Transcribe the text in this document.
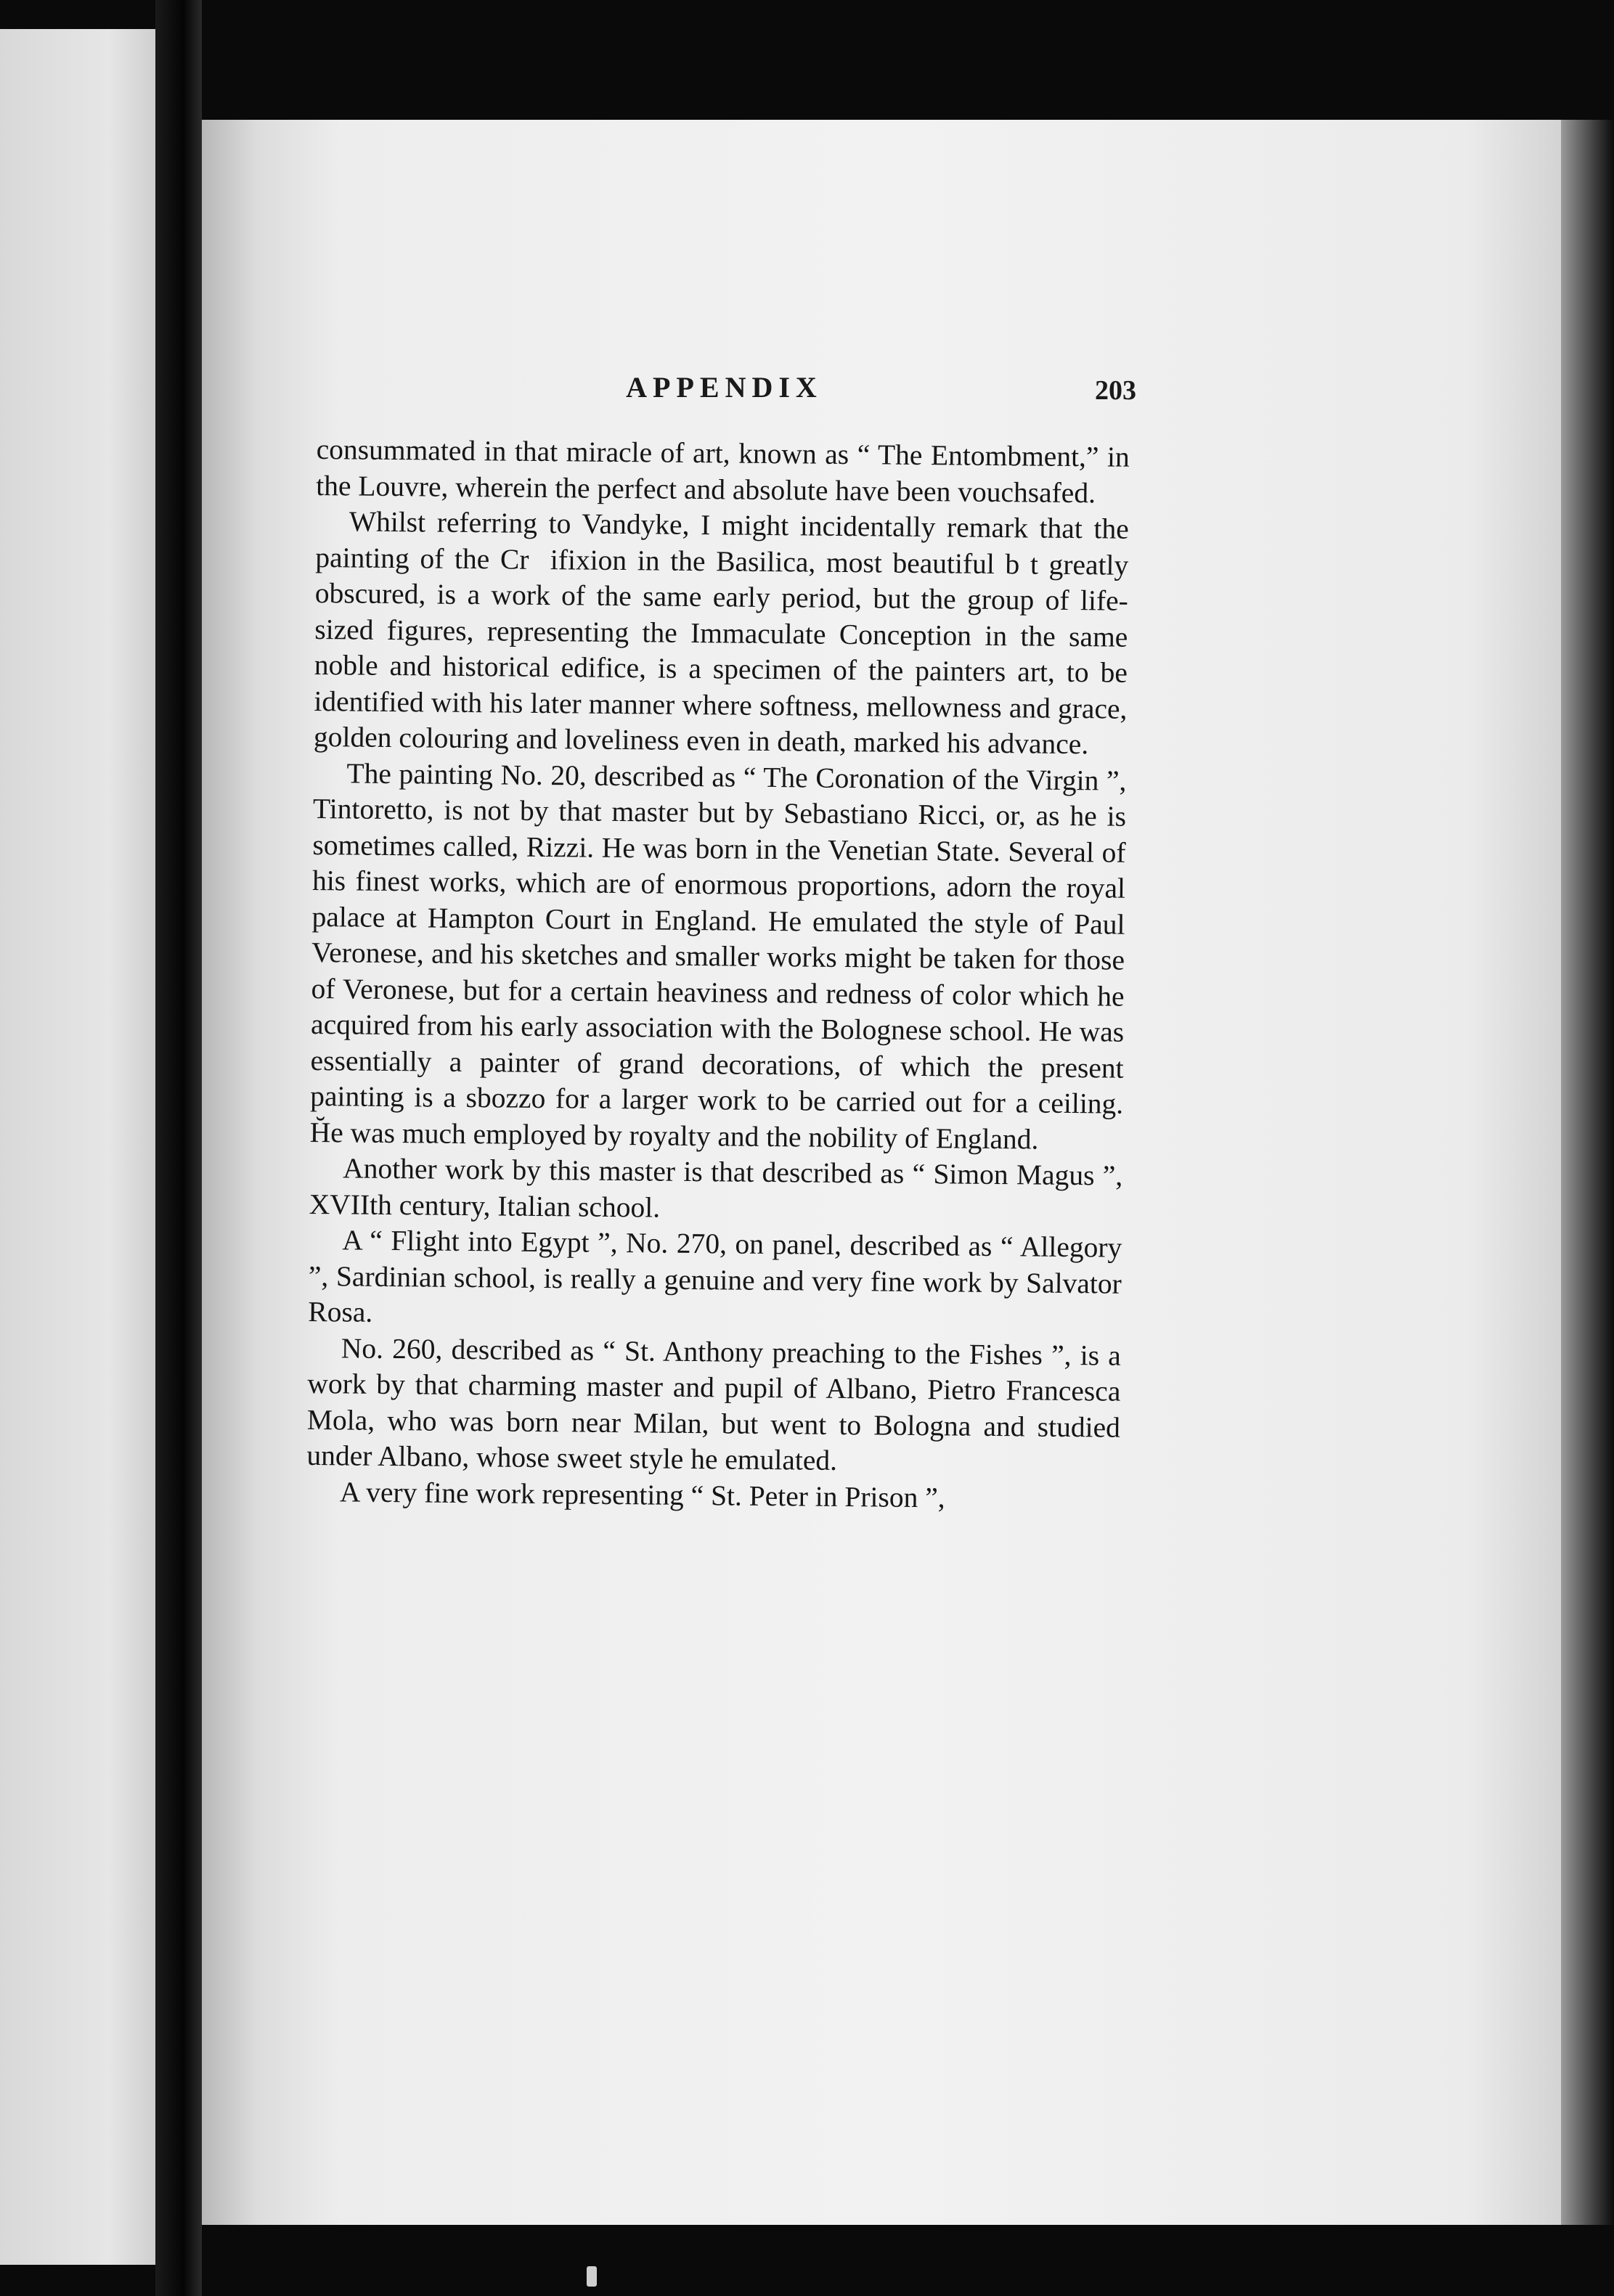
APPENDIX	203

consummated in that miracle of art, known as “ The Entombment,” in the Louvre, wherein the perfect and absolute have been vouchsafed.

Whilst referring to Vandyke, I might incidentally remark that the painting of the Cr  ifixion in the Basilica, most beautiful b t greatly obscured, is a work of the same early period, but the group of life-sized figures, representing the Immaculate Conception in the same noble and historical edifice, is a specimen of the painters art, to be identified with his later manner where softness, mellowness and grace, golden colouring and loveliness even in death, marked his advance.

The painting No. 20, described as “ The Coronation of the Virgin ”, Tintoretto, is not by that master but by Sebastiano Ricci, or, as he is sometimes called, Rizzi. He was born in the Venetian State. Several of his finest works, which are of enormous proportions, adorn the royal palace at Hampton Court in England. He emulated the style of Paul Veronese, and his sketches and smaller works might be taken for those of Veronese, but for a certain heaviness and redness of color which he acquired from his early association with the Bolognese school. He was essentially a painter of grand decorations, of which the present painting is a sbozzo for a larger work to be carried out for a ceiling. H̆e was much employed by royalty and the nobility of England.

Another work by this master is that described as “ Simon Magus ”, XVIIth century, Italian school.

A “ Flight into Egypt ”, No. 270, on panel, described as “ Allegory ”, Sardinian school, is really a genuine and very fine work by Salvator Rosa.

No. 260, described as “ St. Anthony preaching to the Fishes ”, is a work by that charming master and pupil of Albano, Pietro Francesca Mola, who was born near Milan, but went to Bologna and studied under Albano, whose sweet style he emulated.

A very fine work representing “ St. Peter in Prison ”,
